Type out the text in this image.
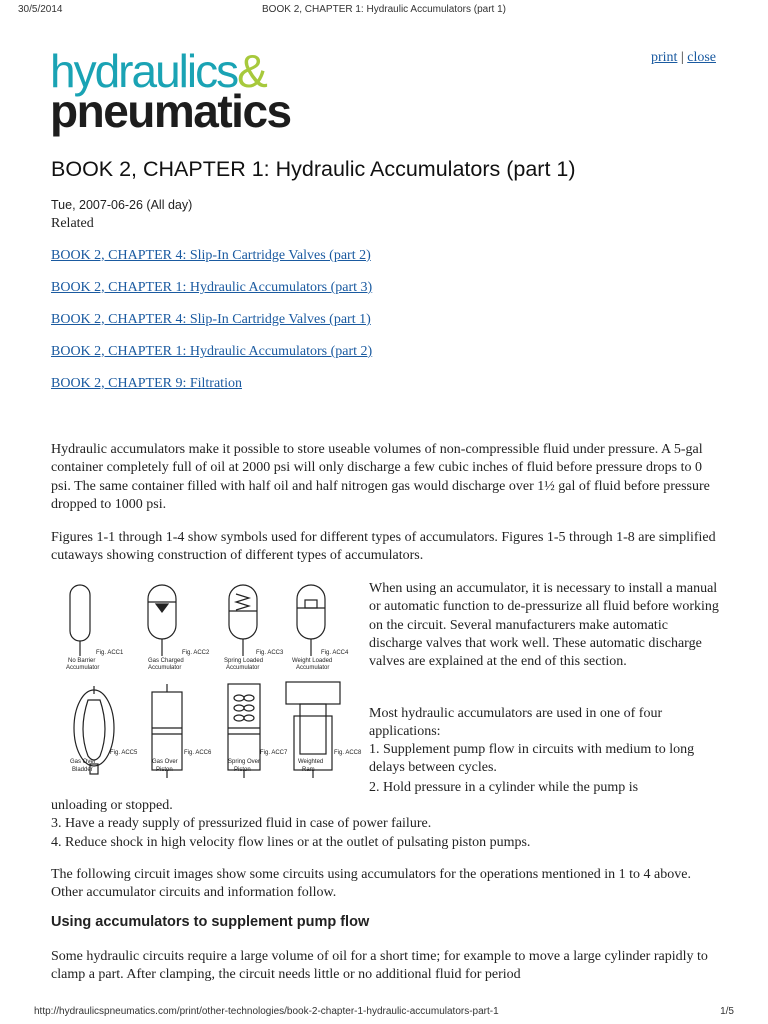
30/5/2014	BOOK 2, CHAPTER 1: Hydraulic Accumulators (part 1)
hydraulics&
pneumatics
print | close
BOOK 2, CHAPTER 1: Hydraulic Accumulators (part 1)
Tue, 2007-06-26 (All day)
Related
BOOK 2, CHAPTER 4: Slip-In Cartridge Valves (part 2)
BOOK 2, CHAPTER 1: Hydraulic Accumulators (part 3)
BOOK 2, CHAPTER 4: Slip-In Cartridge Valves (part 1)
BOOK 2, CHAPTER 1: Hydraulic Accumulators (part 2)
BOOK 2, CHAPTER 9: Filtration

Hydraulic accumulators make it possible to store useable volumes of non-compressible fluid under pressure. A 5-gal container completely full of oil at 2000 psi will only discharge a few cubic inches of fluid before pressure drops to 0 psi. The same container filled with half oil and half nitrogen gas would discharge over 1½ gal of fluid before pressure dropped to 1000 psi.

Figures 1-1 through 1-4 show symbols used for different types of accumulators. Figures 1-5 through 1-8 are simplified cutaways showing construction of different types of accumulators.

Fig. ACC1
No Barrier
Accumulator
Fig. ACC2
Gas Charged
Accumulator
Fig. ACC3
Spring Loaded
Accumulator
Fig. ACC4
Weight Loaded
Accumulator
Fig. ACC5
Gas Over
Bladder
Fig. ACC6
Gas Over
Piston
Fig. ACC7
Spring Over
Piston
Fig. ACC8
Weighted
Ram

When using an accumulator, it is necessary to install a manual or automatic function to de-pressurize all fluid before working on the circuit. Several manufacturers make automatic discharge valves that work well. These automatic discharge valves are explained at the end of this section.

Most hydraulic accumulators are used in one of four applications:

1. Supplement pump flow in circuits with medium to long delays between cycles.

2. Hold pressure in a cylinder while the pump is

unloading or stopped.

3. Have a ready supply of pressurized fluid in case of power failure.

4. Reduce shock in high velocity flow lines or at the outlet of pulsating piston pumps.

The following circuit images show some circuits using accumulators for the operations mentioned in 1 to 4 above. Other accumulator circuits and information follow.

Using accumulators to supplement pump flow

Some hydraulic circuits require a large volume of oil for a short time; for example to move a large cylinder rapidly to clamp a part. After clamping, the circuit needs little or no additional fluid for period

http://hydraulicspneumatics.com/print/other-technologies/book-2-chapter-1-hydraulic-accumulators-part-1	1/5
